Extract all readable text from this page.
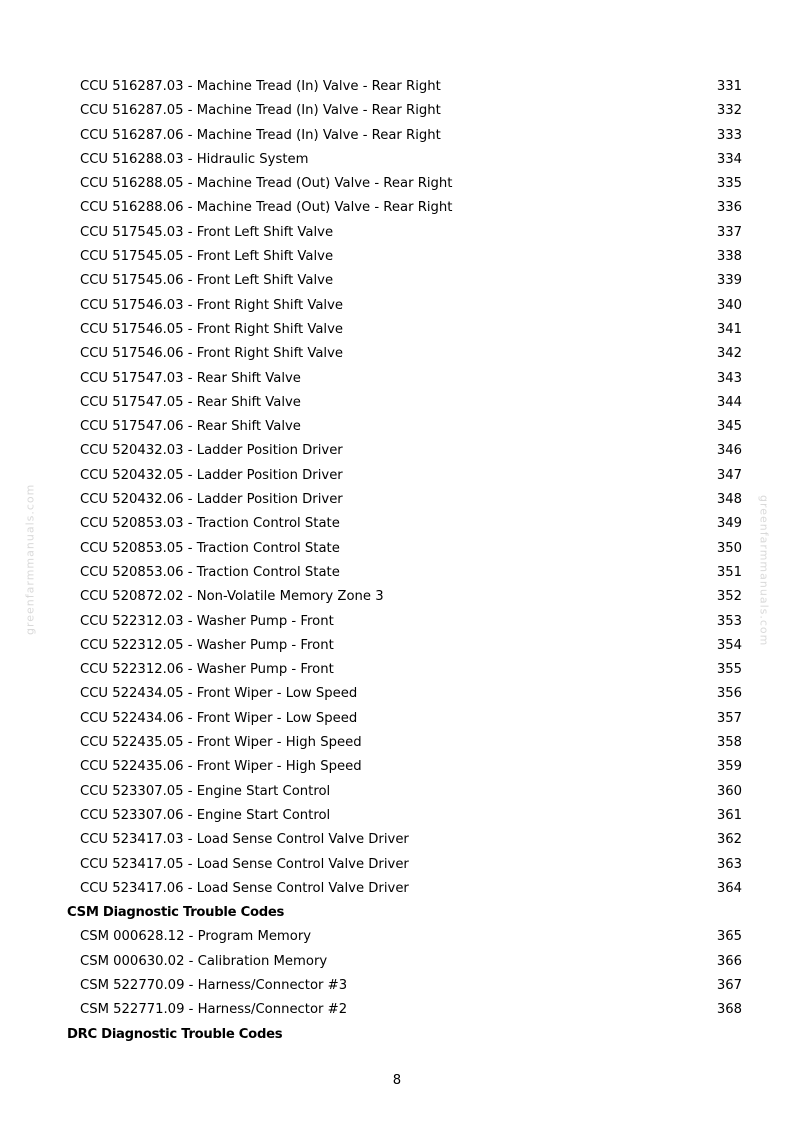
greenfarmmanuals.com	greenfarmmanuals.com
CCU 516287.03 - Machine Tread (In) Valve - Rear Right	331
CCU 516287.05 - Machine Tread (In) Valve - Rear Right	332
CCU 516287.06 - Machine Tread (In) Valve - Rear Right	333
CCU 516288.03 - Hidraulic System	334
CCU 516288.05 - Machine Tread (Out) Valve - Rear Right	335
CCU 516288.06 - Machine Tread (Out) Valve - Rear Right	336
CCU 517545.03 - Front Left Shift Valve	337
CCU 517545.05 - Front Left Shift Valve	338
CCU 517545.06 - Front Left Shift Valve	339
CCU 517546.03 - Front Right Shift Valve	340
CCU 517546.05 - Front Right Shift Valve	341
CCU 517546.06 - Front Right Shift Valve	342
CCU 517547.03 - Rear Shift Valve	343
CCU 517547.05 - Rear Shift Valve	344
CCU 517547.06 - Rear Shift Valve	345
CCU 520432.03 - Ladder Position Driver	346
CCU 520432.05 - Ladder Position Driver	347
CCU 520432.06 - Ladder Position Driver	348
CCU 520853.03 - Traction Control State	349
CCU 520853.05 - Traction Control State	350
CCU 520853.06 - Traction Control State	351
CCU 520872.02 - Non-Volatile Memory Zone 3	352
CCU 522312.03 - Washer Pump - Front	353
CCU 522312.05 - Washer Pump - Front	354
CCU 522312.06 - Washer Pump - Front	355
CCU 522434.05 - Front Wiper - Low Speed	356
CCU 522434.06 - Front Wiper - Low Speed	357
CCU 522435.05 - Front Wiper - High Speed	358
CCU 522435.06 - Front Wiper - High Speed	359
CCU 523307.05 - Engine Start Control	360
CCU 523307.06 - Engine Start Control	361
CCU 523417.03 - Load Sense Control Valve Driver	362
CCU 523417.05 - Load Sense Control Valve Driver	363
CCU 523417.06 - Load Sense Control Valve Driver	364
CSM Diagnostic Trouble Codes
CSM 000628.12 - Program Memory	365
CSM 000630.02 - Calibration Memory	366
CSM 522770.09 - Harness/Connector #3	367
CSM 522771.09 - Harness/Connector #2	368
DRC Diagnostic Trouble Codes
8
